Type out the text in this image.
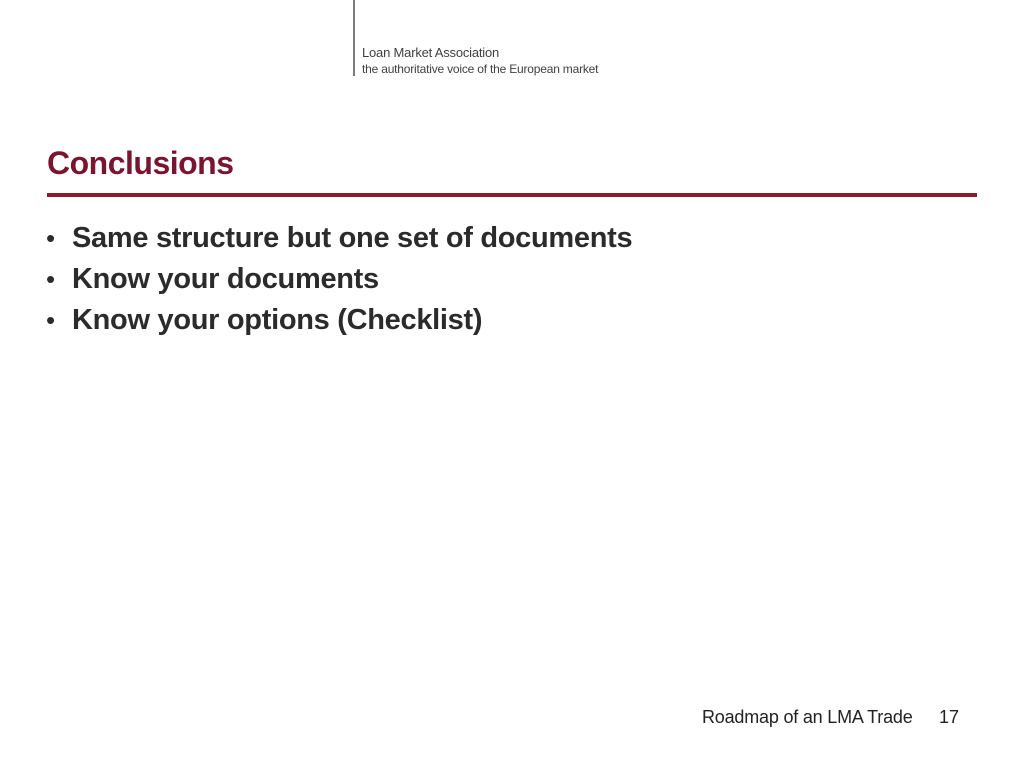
Loan Market Association
the authoritative voice of the European market
Conclusions
• Same structure but one set of documents
• Know your documents
• Know your options (Checklist)
Roadmap of an LMA Trade 17
